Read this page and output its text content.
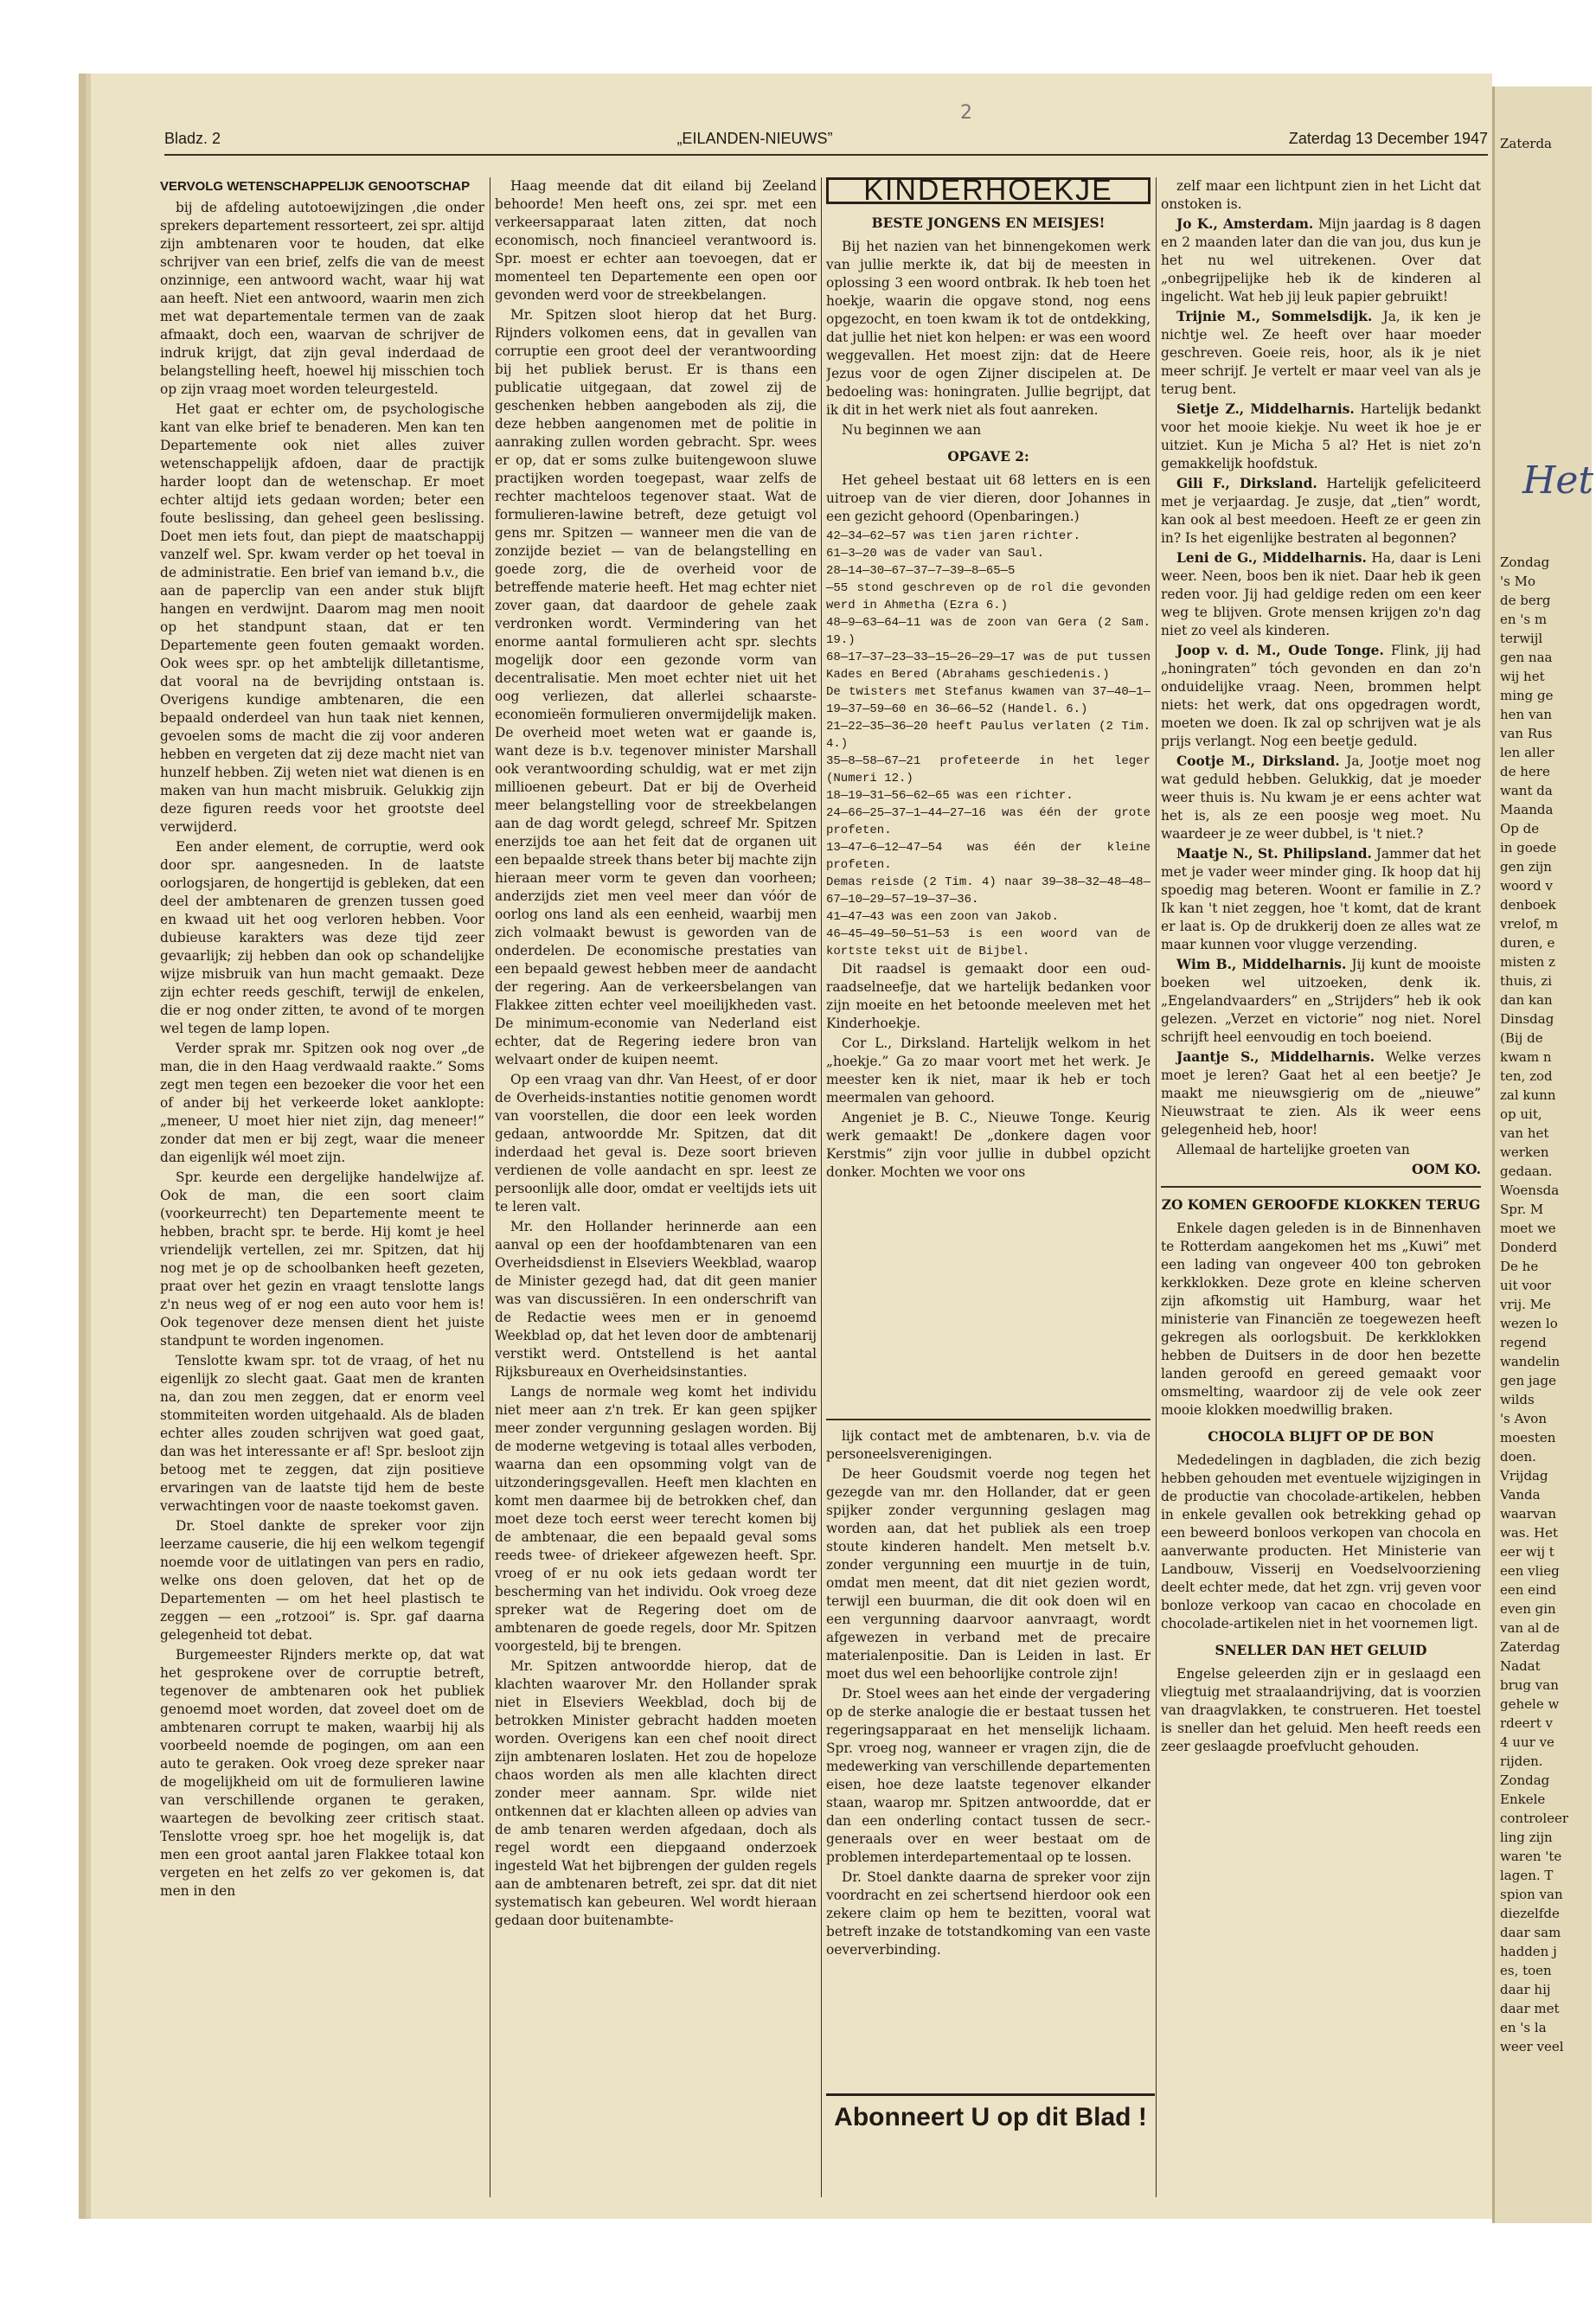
Zaterda
Zondag
's Mo
de berg
en 's m
terwijl
gen naa
wij het
ming ge
hen van
van Rus
len aller
de here
want da
Maanda
Op de
in goede
gen zijn
woord v
denboek
vrelof, m
duren, e
misten z
thuis, zi
dan kan
Dinsdag
(Bij de
kwam n
ten, zod
zal kunn
op uit,
van het
werken
gedaan.
Woensda
Spr. M
moet we
Donderd
De he
uit voor
vrij. Me
wezen lo
regend
wandelin
gen jage
wilds
's Avon
moesten
doen.
Vrijdag
Vanda
waarvan
was. Het
eer wij t
een vlieg
een eind
even gin
van al de
Zaterdag
Nadat
brug van
gehele w
rdeert v
4 uur ve
rijden.
Zondag
Enkele
controleer
ling zijn
waren 'te
lagen. T
spion van
diezelfde
daar sam
hadden j
es, toen
daar hij
daar met
en 's la
weer veel
Het
2
Bladz. 2	„EILANDEN-NIEUWS”	Zaterdag 13 December 1947

VERVOLG WETENSCHAPPELIJK GENOOTSCHAP

bij de afdeling autotoewijzingen ,die onder sprekers departement ressorteert, zei spr. altijd zijn ambtenaren voor te houden, dat elke schrijver van een brief, zelfs die van de meest onzinnige, een antwoord wacht, waar hij wat aan heeft. Niet een antwoord, waarin men zich met wat departementale termen van de zaak afmaakt, doch een, waarvan de schrijver de indruk krijgt, dat zijn geval inderdaad de belangstelling heeft, hoewel hij misschien toch op zijn vraag moet worden teleurgesteld.

Het gaat er echter om, de psychologische kant van elke brief te benaderen. Men kan ten Departemente ook niet alles zuiver wetenschappelijk afdoen, daar de practijk harder loopt dan de wetenschap. Er moet echter altijd iets gedaan worden; beter een foute beslissing, dan geheel geen beslissing. Doet men iets fout, dan piept de maatschappij vanzelf wel. Spr. kwam verder op het toeval in de administratie. Een brief van iemand b.v., die aan de paperclip van een ander stuk blijft hangen en verdwijnt. Daarom mag men nooit op het standpunt staan, dat er ten Departemente geen fouten gemaakt worden. Ook wees spr. op het ambtelijk dilletantisme, dat vooral na de bevrijding ontstaan is. Overigens kundige ambtenaren, die een bepaald onderdeel van hun taak niet kennen, gevoelen soms de macht die zij voor anderen hebben en vergeten dat zij deze macht niet van hunzelf hebben. Zij weten niet wat dienen is en maken van hun macht misbruik. Gelukkig zijn deze figuren reeds voor het grootste deel verwijderd.

Een ander element, de corruptie, werd ook door spr. aangesneden. In de laatste oorlogsjaren, de hongertijd is gebleken, dat een deel der ambtenaren de grenzen tussen goed en kwaad uit het oog verloren hebben. Voor dubieuse karakters was deze tijd zeer gevaarlijk; zij hebben dan ook op schandelijke wijze misbruik van hun macht gemaakt. Deze zijn echter reeds geschift, terwijl de enkelen, die er nog onder zitten, te avond of te morgen wel tegen de lamp lopen.

Verder sprak mr. Spitzen ook nog over „de man, die in den Haag verdwaald raakte.” Soms zegt men tegen een bezoeker die voor het een of ander bij het verkeerde loket aanklopte: „meneer, U moet hier niet zijn, dag meneer!” zonder dat men er bij zegt, waar die meneer dan eigenlijk wél moet zijn.

Spr. keurde een dergelijke handelwijze af. Ook de man, die een soort claim (voorkeurrecht) ten Departemente meent te hebben, bracht spr. te berde. Hij komt je heel vriendelijk vertellen, zei mr. Spitzen, dat hij nog met je op de schoolbanken heeft gezeten, praat over het gezin en vraagt tenslotte langs z'n neus weg of er nog een auto voor hem is! Ook tegenover deze mensen dient het juiste standpunt te worden ingenomen.

Tenslotte kwam spr. tot de vraag, of het nu eigenlijk zo slecht gaat. Gaat men de kranten na, dan zou men zeggen, dat er enorm veel stommiteiten worden uitgehaald. Als de bladen echter alles zouden schrijven wat goed gaat, dan was het interessante er af! Spr. besloot zijn betoog met te zeggen, dat zijn positieve ervaringen van de laatste tijd hem de beste verwachtingen voor de naaste toekomst gaven.

Dr. Stoel dankte de spreker voor zijn leerzame causerie, die hij een welkom tegengif noemde voor de uitlatingen van pers en radio, welke ons doen geloven, dat het op de Departementen — om het heel plastisch te zeggen — een „rotzooi” is. Spr. gaf daarna gelegenheid tot debat.

Burgemeester Rijnders merkte op, dat wat het gesprokene over de corruptie betreft, tegenover de ambtenaren ook het publiek genoemd moet worden, dat zoveel doet om de ambtenaren corrupt te maken, waarbij hij als voorbeeld noemde de pogingen, om aan een auto te geraken. Ook vroeg deze spreker naar de mogelijkheid om uit de formulieren lawine van verschillende organen te geraken, waartegen de bevolking zeer critisch staat. Tenslotte vroeg spr. hoe het mogelijk is, dat men een groot aantal jaren Flakkee totaal kon vergeten en het zelfs zo ver gekomen is, dat men in den

Haag meende dat dit eiland bij Zeeland behoorde! Men heeft ons, zei spr. met een verkeersapparaat laten zitten, dat noch economisch, noch financieel verantwoord is. Spr. moest er echter aan toevoegen, dat er momenteel ten Departemente een open oor gevonden werd voor de streekbelangen.

Mr. Spitzen sloot hierop dat het Burg. Rijnders volkomen eens, dat in gevallen van corruptie een groot deel der verantwoording bij het publiek berust. Er is thans een publicatie uitgegaan, dat zowel zij de geschenken hebben aangeboden als zij, die deze hebben aangenomen met de politie in aanraking zullen worden gebracht. Spr. wees er op, dat er soms zulke buitengewoon sluwe practijken worden toegepast, waar zelfs de rechter machteloos tegenover staat. Wat de formulieren-lawine betreft, deze getuigt vol gens mr. Spitzen — wanneer men die van de zonzijde beziet — van de belangstelling en goede zorg, die de overheid voor de betreffende materie heeft. Het mag echter niet zover gaan, dat daardoor de gehele zaak verdronken wordt. Vermindering van het enorme aantal formulieren acht spr. slechts mogelijk door een gezonde vorm van decentralisatie. Men moet echter niet uit het oog verliezen, dat allerlei schaarste-economieën formulieren onvermijdelijk maken. De overheid moet weten wat er gaande is, want deze is b.v. tegenover minister Marshall ook verantwoording schuldig, wat er met zijn millioenen gebeurt. Dat er bij de Overheid meer belangstelling voor de streekbelangen aan de dag wordt gelegd, schreef Mr. Spitzen enerzijds toe aan het feit dat de organen uit een bepaalde streek thans beter bij machte zijn hieraan meer vorm te geven dan voorheen; anderzijds ziet men veel meer dan vóór de oorlog ons land als een eenheid, waarbij men zich volmaakt bewust is geworden van de onderdelen. De economische prestaties van een bepaald gewest hebben meer de aandacht der regering. Aan de verkeersbelangen van Flakkee zitten echter veel moeilijkheden vast. De minimum-economie van Nederland eist echter, dat de Regering iedere bron van welvaart onder de kuipen neemt.

Op een vraag van dhr. Van Heest, of er door de Overheids-instanties notitie genomen wordt van voorstellen, die door een leek worden gedaan, antwoordde Mr. Spitzen, dat dit inderdaad het geval is. Deze soort brieven verdienen de volle aandacht en spr. leest ze persoonlijk alle door, omdat er veeltijds iets uit te leren valt.

Mr. den Hollander herinnerde aan een aanval op een der hoofdambtenaren van een Overheidsdienst in Elseviers Weekblad, waarop de Minister gezegd had, dat dit geen manier was van discussiëren. In een onderschrift van de Redactie wees men er in genoemd Weekblad op, dat het leven door de ambtenarij verstikt werd. Ontstellend is het aantal Rijksbureaux en Overheidsinstanties.

Langs de normale weg komt het individu niet meer aan z'n trek. Er kan geen spijker meer zonder vergunning geslagen worden. Bij de moderne wetgeving is totaal alles verboden, waarna dan een opsomming volgt van de uitzonderingsgevallen. Heeft men klachten en komt men daarmee bij de betrokken chef, dan moet deze toch eerst weer terecht komen bij de ambtenaar, die een bepaald geval soms reeds twee- of driekeer afgewezen heeft. Spr. vroeg of er nu ook iets gedaan wordt ter bescherming van het individu. Ook vroeg deze spreker wat de Regering doet om de ambtenaren de goede regels, door Mr. Spitzen voorgesteld, bij te brengen.

Mr. Spitzen antwoordde hierop, dat de klachten waarover Mr. den Hollander sprak niet in Elseviers Weekblad, doch bij de betrokken Minister gebracht hadden moeten worden. Overigens kan een chef nooit direct zijn ambtenaren loslaten. Het zou de hopeloze chaos worden als men alle klachten direct zonder meer aannam. Spr. wilde niet ontkennen dat er klachten alleen op advies van de amb tenaren werden afgedaan, doch als regel wordt een diepgaand onderzoek ingesteld Wat het bijbrengen der gulden regels aan de ambtenaren betreft, zei spr. dat dit niet systematisch kan gebeuren. Wel wordt hieraan gedaan door buitenambte-

KINDERHOEKJE

BESTE JONGENS EN MEISJES!

Bij het nazien van het binnengekomen werk van jullie merkte ik, dat bij de meesten in oplossing 3 een woord ontbrak. Ik heb toen het hoekje, waarin die opgave stond, nog eens opgezocht, en toen kwam ik tot de ontdekking, dat jullie het niet kon helpen: er was een woord weggevallen. Het moest zijn: dat de Heere Jezus voor de ogen Zijner discipelen at. De bedoeling was: honingraten. Jullie begrijpt, dat ik dit in het werk niet als fout aanreken.

Nu beginnen we aan

OPGAVE 2:

Het geheel bestaat uit 68 letters en is een uitroep van de vier dieren, door Johannes in een gezicht gehoord (Openbaringen.)

42—34—62—57 was tien jaren richter.
61—3—20 was de vader van Saul.
28—14—30—67—37—7—39—8—65—5
—55 stond geschreven op de rol die gevonden werd in Ahmetha (Ezra 6.)
48—9—63—64—11 was de zoon van Gera (2 Sam. 19.)
68—17—37—23—33—15—26—29—17 was de put tussen Kades en Bered (Abrahams geschiedenis.)
De twisters met Stefanus kwamen van 37—40—1—19—37—59—60 en 36—66—52 (Handel. 6.)
21—22—35—36—20 heeft Paulus verlaten (2 Tim. 4.)
35—8—58—67—21 profeteerde in het leger (Numeri 12.)
18—19—31—56—62—65 was een richter.
24—66—25—37—1—44—27—16 was één der grote profeten.
13—47—6—12—47—54 was één der kleine profeten.
Demas reisde (2 Tim. 4) naar 39—38—32—48—48—67—10—29—57—19—37—36.
41—47—43 was een zoon van Jakob.
46—45—49—50—51—53 is een woord van de kortste tekst uit de Bijbel.

Dit raadsel is gemaakt door een oud-raadselneefje, dat we hartelijk bedanken voor zijn moeite en het betoonde meeleven met het Kinderhoekje.

Cor L., Dirksland. Hartelijk welkom in het „hoekje.” Ga zo maar voort met het werk. Je meester ken ik niet, maar ik heb er toch meermalen van gehoord.

Angeniet je B. C., Nieuwe Tonge. Keurig werk gemaakt! De „donkere dagen voor Kerstmis” zijn voor jullie in dubbel opzicht donker. Mochten we voor ons

lijk contact met de ambtenaren, b.v. via de personeelsverenigingen.

De heer Goudsmit voerde nog tegen het gezegde van mr. den Hollander, dat er geen spijker zonder vergunning geslagen mag worden aan, dat het publiek als een troep stoute kinderen handelt. Men metselt b.v. zonder vergunning een muurtje in de tuin, omdat men meent, dat dit niet gezien wordt, terwijl een buurman, die dit ook doen wil en een vergunning daarvoor aanvraagt, wordt afgewezen in verband met de precaire materialenpositie. Dan is Leiden in last. Er moet dus wel een behoorlijke controle zijn!

Dr. Stoel wees aan het einde der vergadering op de sterke analogie die er bestaat tussen het regeringsapparaat en het menselijk lichaam. Spr. vroeg nog, wanneer er vragen zijn, die de medewerking van verschillende departementen eisen, hoe deze laatste tegenover elkander staan, waarop mr. Spitzen antwoordde, dat er dan een onderling contact tussen de secr.-generaals over en weer bestaat om de problemen interdepartementaal op te lossen.

Dr. Stoel dankte daarna de spreker voor zijn voordracht en zei schertsend hierdoor ook een zekere claim op hem te bezitten, vooral wat betreft inzake de totstandkoming van een vaste oeververbinding.

Abonneert U op dit Blad !

zelf maar een lichtpunt zien in het Licht dat onstoken is.

Jo K., Amsterdam. Mijn jaardag is 8 dagen en 2 maanden later dan die van jou, dus kun je het nu wel uitrekenen. Over dat „onbegrijpelijke heb ik de kinderen al ingelicht. Wat heb jij leuk papier gebruikt!

Trijnie M., Sommelsdijk. Ja, ik ken je nichtje wel. Ze heeft over haar moeder geschreven. Goeie reis, hoor, als ik je niet meer schrijf. Je vertelt er maar veel van als je terug bent.

Sietje Z., Middelharnis. Hartelijk bedankt voor het mooie kiekje. Nu weet ik hoe je er uitziet. Kun je Micha 5 al? Het is niet zo'n gemakkelijk hoofdstuk.

Gili F., Dirksland. Hartelijk gefeliciteerd met je verjaardag. Je zusje, dat „tien” wordt, kan ook al best meedoen. Heeft ze er geen zin in? Is het eigenlijke bestraten al begonnen?

Leni de G., Middelharnis. Ha, daar is Leni weer. Neen, boos ben ik niet. Daar heb ik geen reden voor. Jij had geldige reden om een keer weg te blijven. Grote mensen krijgen zo'n dag niet zo veel als kinderen.

Joop v. d. M., Oude Tonge. Flink, jij had „honingraten” tóch gevonden en dan zo'n onduidelijke vraag. Neen, brommen helpt niets: het werk, dat ons opgedragen wordt, moeten we doen. Ik zal op schrijven wat je als prijs verlangt. Nog een beetje geduld.

Cootje M., Dirksland. Ja, Jootje moet nog wat geduld hebben. Gelukkig, dat je moeder weer thuis is. Nu kwam je er eens achter wat het is, als ze een poosje weg moet. Nu waardeer je ze weer dubbel, is 't niet.?

Maatje N., St. Philipsland. Jammer dat het met je vader weer minder ging. Ik hoop dat hij spoedig mag beteren. Woont er familie in Z.? Ik kan 't niet zeggen, hoe 't komt, dat de krant er laat is. Op de drukkerij doen ze alles wat ze maar kunnen voor vlugge verzending.

Wim B., Middelharnis. Jij kunt de mooiste boeken wel uitzoeken, denk ik. „Engelandvaarders” en „Strijders” heb ik ook gelezen. „Verzet en victorie” nog niet. Norel schrijft heel eenvoudig en toch boeiend.

Jaantje S., Middelharnis. Welke verzes moet je leren? Gaat het al een beetje? Je maakt me nieuwsgierig om de „nieuwe” Nieuwstraat te zien. Als ik weer eens gelegenheid heb, hoor!

Allemaal de hartelijke groeten van

OOM KO.

ZO KOMEN GEROOFDE KLOKKEN TERUG

Enkele dagen geleden is in de Binnenhaven te Rotterdam aangekomen het ms „Kuwi” met een lading van ongeveer 400 ton gebroken kerkklokken. Deze grote en kleine scherven zijn afkomstig uit Hamburg, waar het ministerie van Financiën ze toegewezen heeft gekregen als oorlogsbuit. De kerkklokken hebben de Duitsers in de door hen bezette landen geroofd en gereed gemaakt voor omsmelting, waardoor zij de vele ook zeer mooie klokken moedwillig braken.

CHOCOLA BLIJFT OP DE BON

Mededelingen in dagbladen, die zich bezig hebben gehouden met eventuele wijzigingen in de productie van chocolade-artikelen, hebben in enkele gevallen ook betrekking gehad op een beweerd bonloos verkopen van chocola en aanverwante producten. Het Ministerie van Landbouw, Visserij en Voedselvoorziening deelt echter mede, dat het zgn. vrij geven voor bonloze verkoop van cacao en chocolade en chocolade-artikelen niet in het voornemen ligt.

SNELLER DAN HET GELUID

Engelse geleerden zijn er in geslaagd een vliegtuig met straalaandrijving, dat is voorzien van draagvlakken, te construeren. Het toestel is sneller dan het geluid. Men heeft reeds een zeer geslaagde proefvlucht gehouden.
